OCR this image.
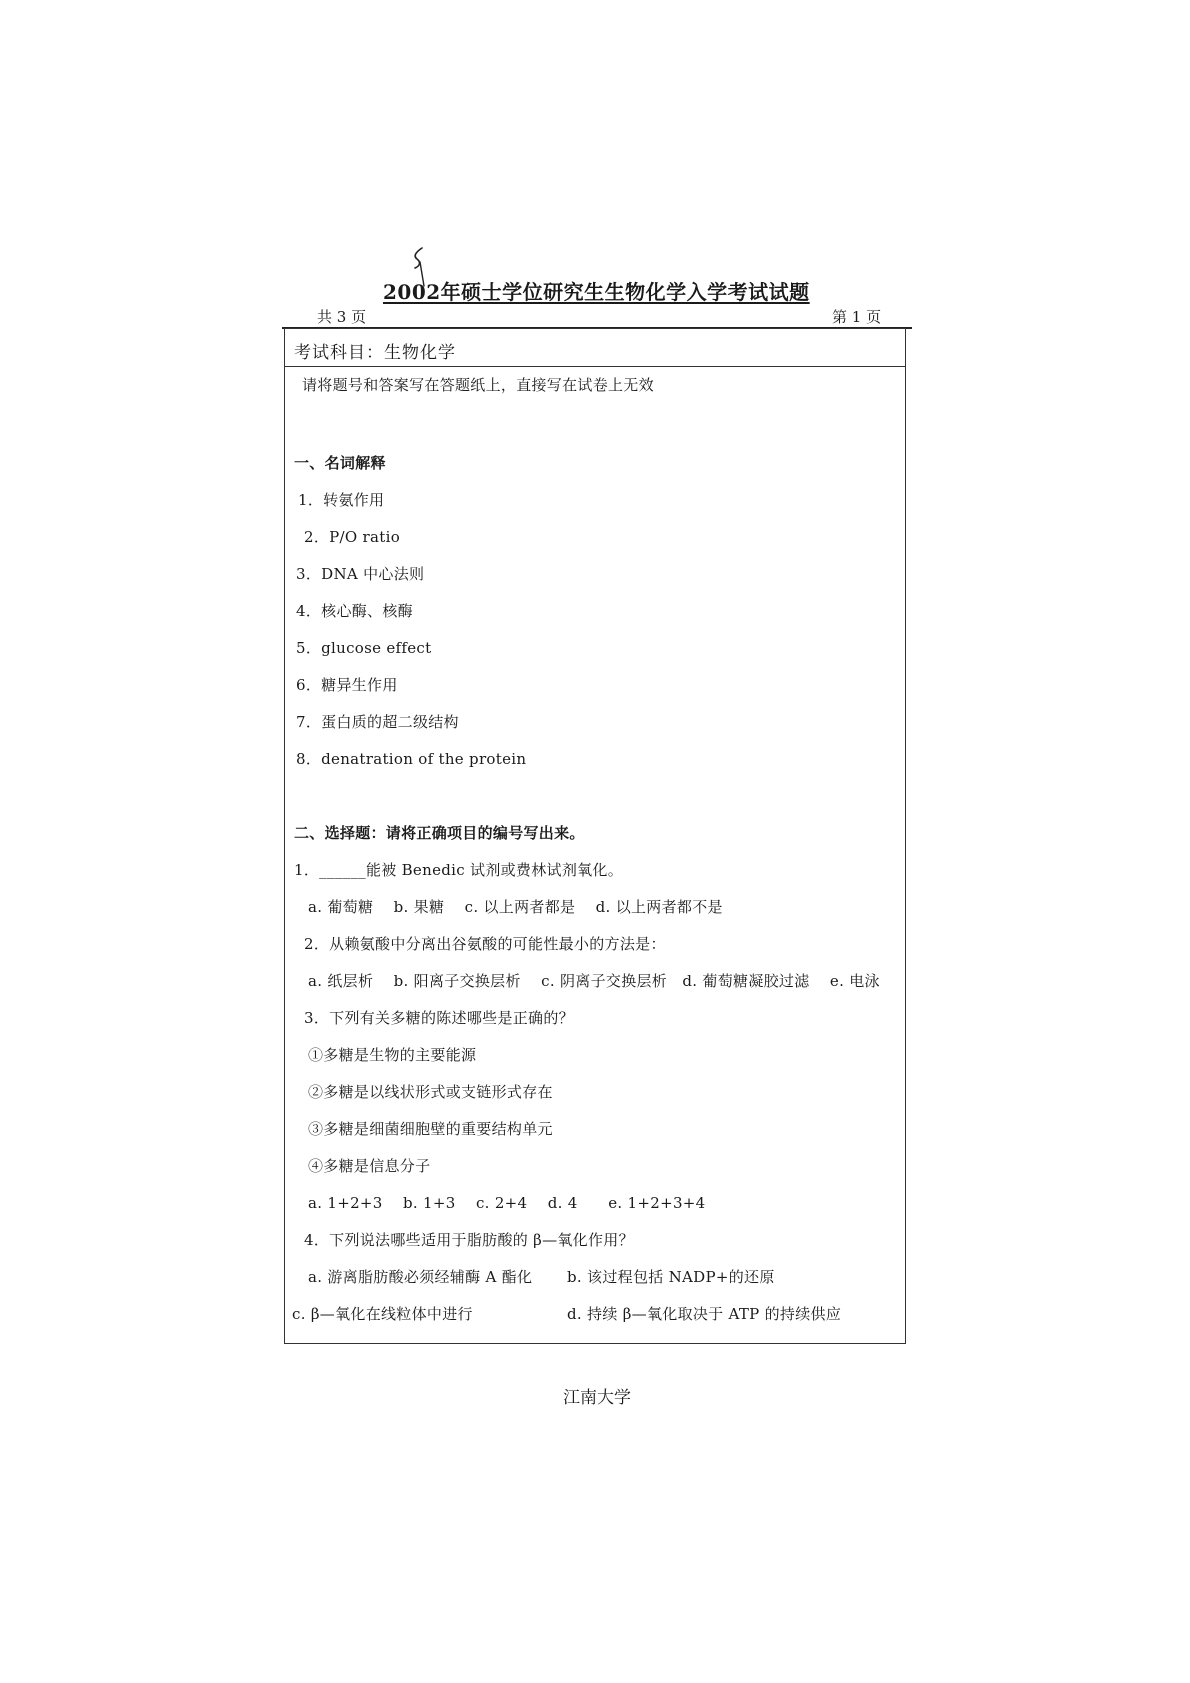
2002年硕士学位研究生生物化学入学考试试题
共 3 页	第 1 页
考试科目：生物化学
请将题号和答案写在答题纸上，直接写在试卷上无效
一、名词解释
1．转氨作用
2．P/O ratio
3．DNA 中心法则
4．核心酶、核酶
5．glucose effect
6．糖异生作用
7．蛋白质的超二级结构
8．denatration of the protein
二、选择题：请将正确项目的编号写出来。
1．______能被 Benedic 试剂或费林试剂氧化。
a. 葡萄糖　 b. 果糖　 c. 以上两者都是　 d. 以上两者都不是
2．从赖氨酸中分离出谷氨酸的可能性最小的方法是：
a. 纸层析　 b. 阳离子交换层析　 c. 阴离子交换层析　d. 葡萄糖凝胶过滤　 e. 电泳
3．下列有关多糖的陈述哪些是正确的？
①多糖是生物的主要能源
②多糖是以线状形式或支链形式存在
③多糖是细菌细胞壁的重要结构单元
④多糖是信息分子
a. 1+2+3　 b. 1+3　 c. 2+4　 d. 4　　e. 1+2+3+4
4．下列说法哪些适用于脂肪酸的 β—氧化作用？
a. 游离脂肪酸必须经辅酶 A 酯化 b. 该过程包括 NADP+的还原
c. β—氧化在线粒体中进行	d. 持续 β—氧化取决于 ATP 的持续供应
江南大学
